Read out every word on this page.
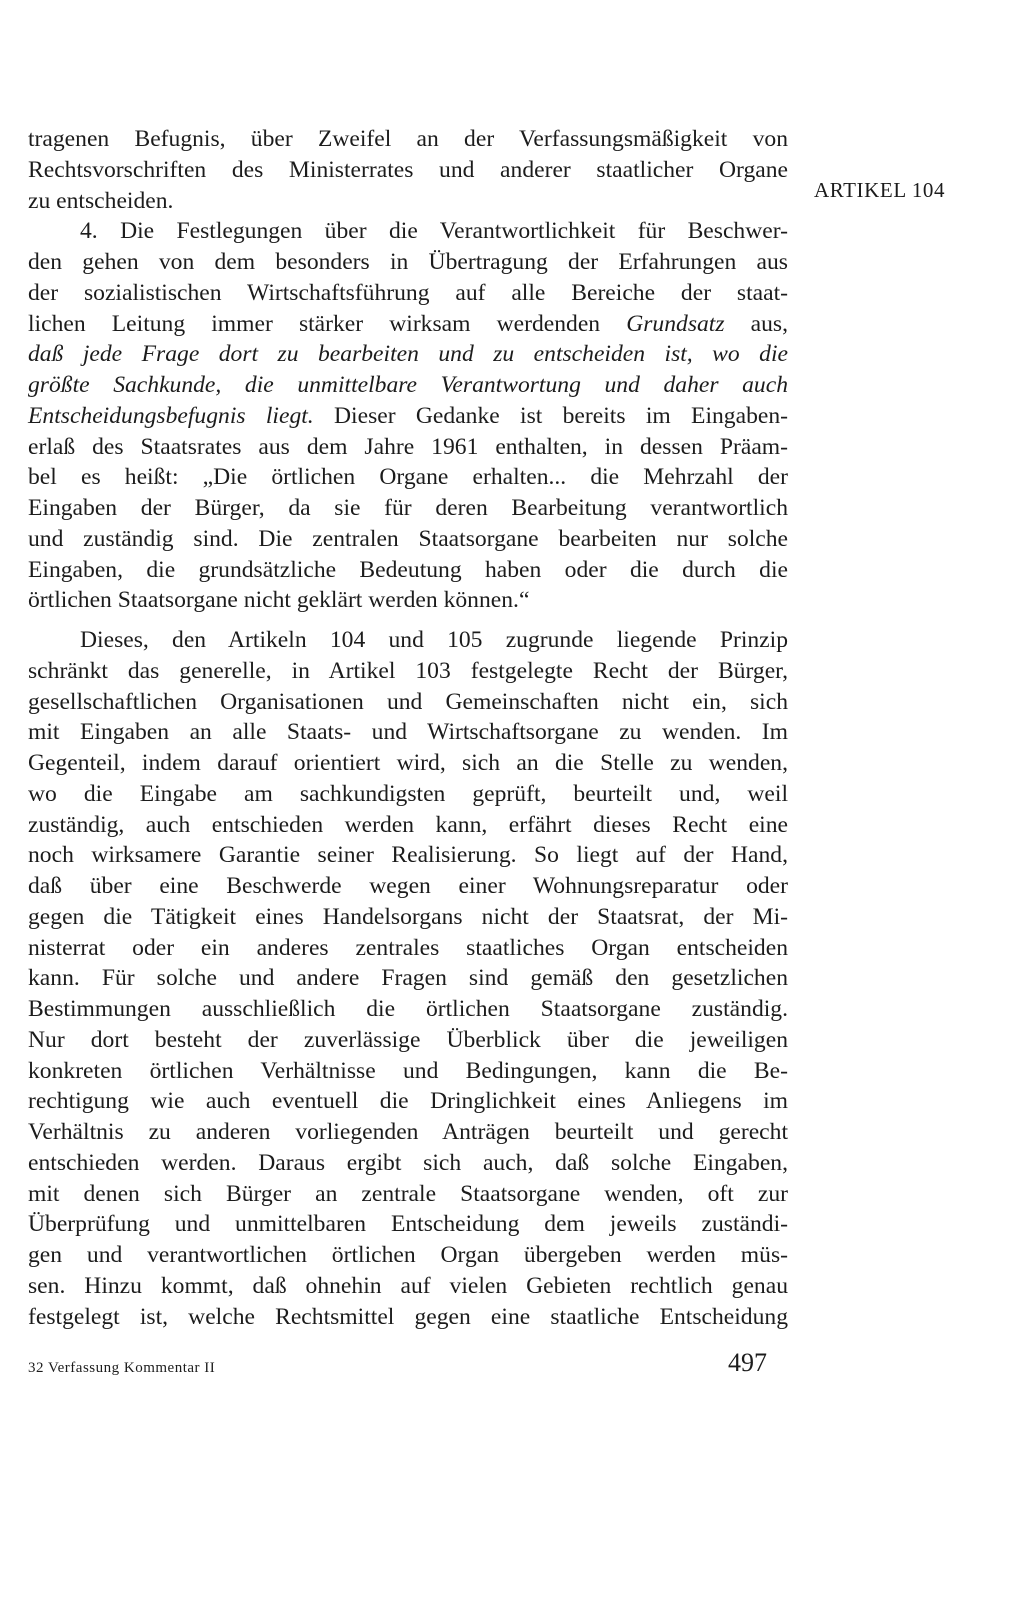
ARTIKEL 104
tragenen Befugnis, über Zweifel an der Verfassungsmäßigkeit von
Rechtsvorschriften des Ministerrates und anderer staatlicher Organe
zu entscheiden.
4. Die Festlegungen über die Verantwortlichkeit für Beschwer-
den gehen von dem besonders in Übertragung der Erfahrungen aus
der sozialistischen Wirtschaftsführung auf alle Bereiche der staat-
lichen Leitung immer stärker wirksam werdenden Grundsatz aus,
daß jede Frage dort zu bearbeiten und zu entscheiden ist, wo die
größte Sachkunde, die unmittelbare Verantwortung und daher auch
Entscheidungsbefugnis liegt. Dieser Gedanke ist bereits im Eingaben-
erlaß des Staatsrates aus dem Jahre 1961 enthalten, in dessen Präam-
bel es heißt: „Die örtlichen Organe erhalten... die Mehrzahl der
Eingaben der Bürger, da sie für deren Bearbeitung verantwortlich
und zuständig sind. Die zentralen Staatsorgane bearbeiten nur solche
Eingaben, die grundsätzliche Bedeutung haben oder die durch die
örtlichen Staatsorgane nicht geklärt werden können.“
Dieses, den Artikeln 104 und 105 zugrunde liegende Prinzip
schränkt das generelle, in Artikel 103 festgelegte Recht der Bürger,
gesellschaftlichen Organisationen und Gemeinschaften nicht ein, sich
mit Eingaben an alle Staats- und Wirtschaftsorgane zu wenden. Im
Gegenteil, indem darauf orientiert wird, sich an die Stelle zu wenden,
wo die Eingabe am sachkundigsten geprüft, beurteilt und, weil
zuständig, auch entschieden werden kann, erfährt dieses Recht eine
noch wirksamere Garantie seiner Realisierung. So liegt auf der Hand,
daß über eine Beschwerde wegen einer Wohnungsreparatur oder
gegen die Tätigkeit eines Handelsorgans nicht der Staatsrat, der Mi-
nisterrat oder ein anderes zentrales staatliches Organ entscheiden
kann. Für solche und andere Fragen sind gemäß den gesetzlichen
Bestimmungen ausschließlich die örtlichen Staatsorgane zuständig.
Nur dort besteht der zuverlässige Überblick über die jeweiligen
konkreten örtlichen Verhältnisse und Bedingungen, kann die Be-
rechtigung wie auch eventuell die Dringlichkeit eines Anliegens im
Verhältnis zu anderen vorliegenden Anträgen beurteilt und gerecht
entschieden werden. Daraus ergibt sich auch, daß solche Eingaben,
mit denen sich Bürger an zentrale Staatsorgane wenden, oft zur
Überprüfung und unmittelbaren Entscheidung dem jeweils zuständi-
gen und verantwortlichen örtlichen Organ übergeben werden müs-
sen. Hinzu kommt, daß ohnehin auf vielen Gebieten rechtlich genau
festgelegt ist, welche Rechtsmittel gegen eine staatliche Entscheidung
32 Verfassung Kommentar II	497
